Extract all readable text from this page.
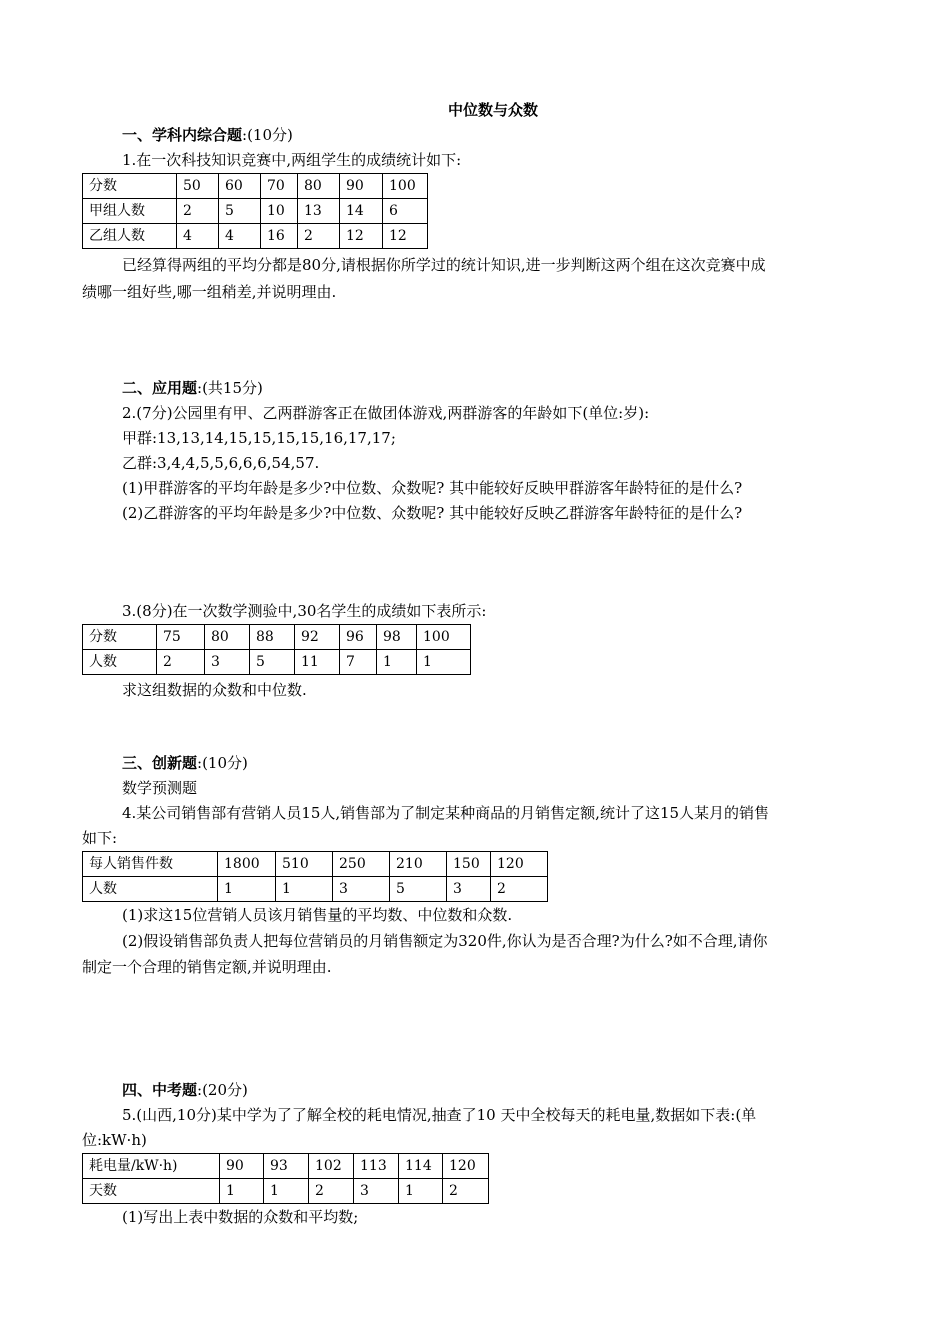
中位数与众数
一、学科内综合题:(10分)
1.在一次科技知识竞赛中,两组学生的成绩统计如下:
分数	50	60	70	80	90	100
甲组人数	2	5	10	13	14	6
乙组人数	4	4	16	2	12	12
已经算得两组的平均分都是80分,请根据你所学过的统计知识,进一步判断这两个组在这次竞赛中成
绩哪一组好些,哪一组稍差,并说明理由.
二、应用题:(共15分)
2.(7分)公园里有甲、乙两群游客正在做团体游戏,两群游客的年龄如下(单位:岁):
甲群:13,13,14,15,15,15,15,16,17,17;
乙群:3,4,4,5,5,6,6,6,54,57.
(1)甲群游客的平均年龄是多少?中位数、众数呢? 其中能较好反映甲群游客年龄特征的是什么?
(2)乙群游客的平均年龄是多少?中位数、众数呢? 其中能较好反映乙群游客年龄特征的是什么?
3.(8分)在一次数学测验中,30名学生的成绩如下表所示:
分数	75	80	88	92	96	98	100
人数	2	3	5	11	7	1	1
求这组数据的众数和中位数.
三、创新题:(10分)
数学预测题
4.某公司销售部有营销人员15人,销售部为了制定某种商品的月销售定额,统计了这15人某月的销售
如下:
每人销售件数	1800	510	250	210	150	120
人数	1	1	3	5	3	2
(1)求这15位营销人员该月销售量的平均数、中位数和众数.
(2)假设销售部负责人把每位营销员的月销售额定为320件,你认为是否合理?为什么?如不合理,请你
制定一个合理的销售定额,并说明理由.
四、中考题:(20分)
5.(山西,10分)某中学为了了解全校的耗电情况,抽查了10 天中全校每天的耗电量,数据如下表:(单
位:kW·h)
耗电量/kW·h)	90	93	102	113	114	120
天数	1	1	2	3	1	2
(1)写出上表中数据的众数和平均数;
